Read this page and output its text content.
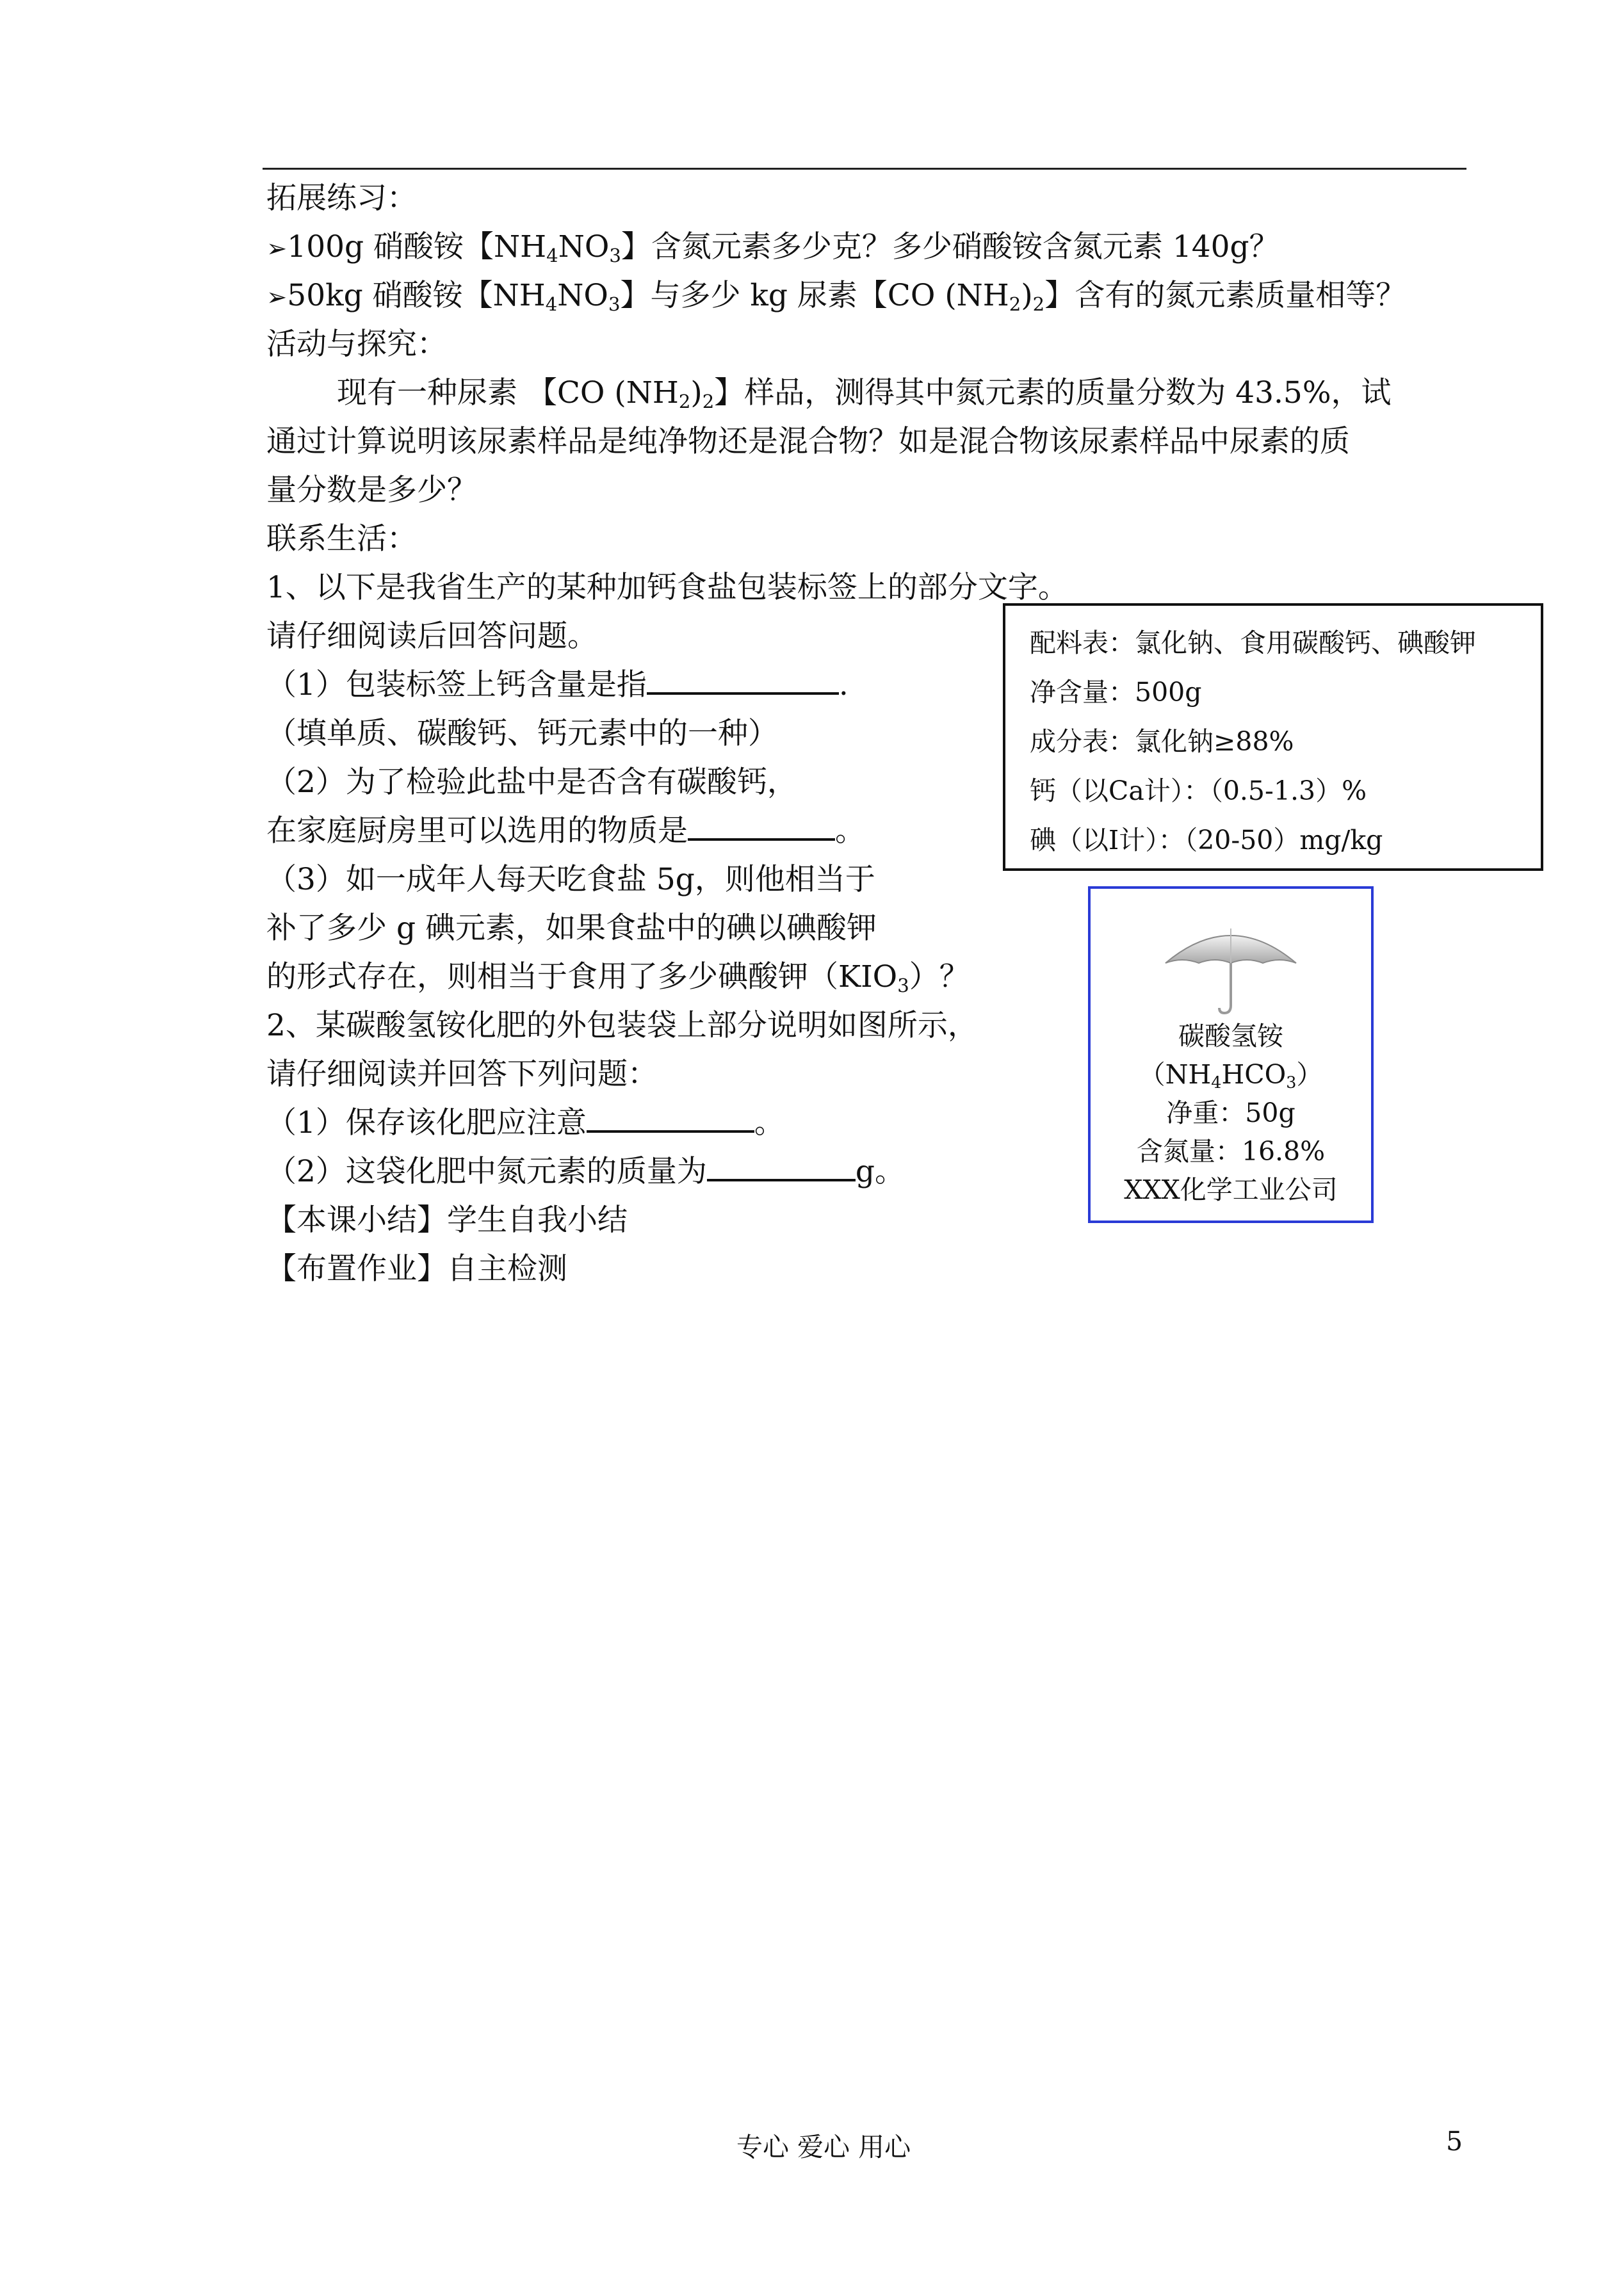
拓展练习：
➢100g 硝酸铵【$NH_4NO_3$】含氮元素多少克？多少硝酸铵含氮元素 140g？
➢50kg 硝酸铵【$NH_4NO_3$】与多少 kg 尿素【CO $(NH_2)_2$】含有的氮元素质量相等？
活动与探究：
现有一种尿素 【CO $(NH_2)_2$】样品，测得其中氮元素的质量分数为 43.5%，试
通过计算说明该尿素样品是纯净物还是混合物？如是混合物该尿素样品中尿素的质
量分数是多少？
联系生活：
1、以下是我省生产的某种加钙食盐包装标签上的部分文字。
请仔细阅读后回答问题。
（1）包装标签上钙含量是指	.
（填单质、碳酸钙、钙元素中的一种）
（2）为了检验此盐中是否含有碳酸钙，
在家庭厨房里可以选用的物质是	。
（3）如一成年人每天吃食盐 5g，则他相当于
补了多少 g 碘元素，如果食盐中的碘以碘酸钾
的形式存在，则相当于食用了多少碘酸钾$(KIO_3)$？
2、某碳酸氢铵化肥的外包装袋上部分说明如图所示，
请仔细阅读并回答下列问题：
（1）保存该化肥应注意	。
（2）这袋化肥中氮元素的质量为	g。
【本课小结】学生自我小结
【布置作业】自主检测
配料表：氯化钠、食用碳酸钙、碘酸钾
净含量：500g
成分表：氯化钠≥88%
钙（以Ca计）：（0.5-1.3）%
碘（以I计）：（20-50）mg/kg
碳酸氢铵
$(NH_4HCO_3)$
净重：50g
含氮量：16.8%
XXX化学工业公司
专心 爱心 用心	5
